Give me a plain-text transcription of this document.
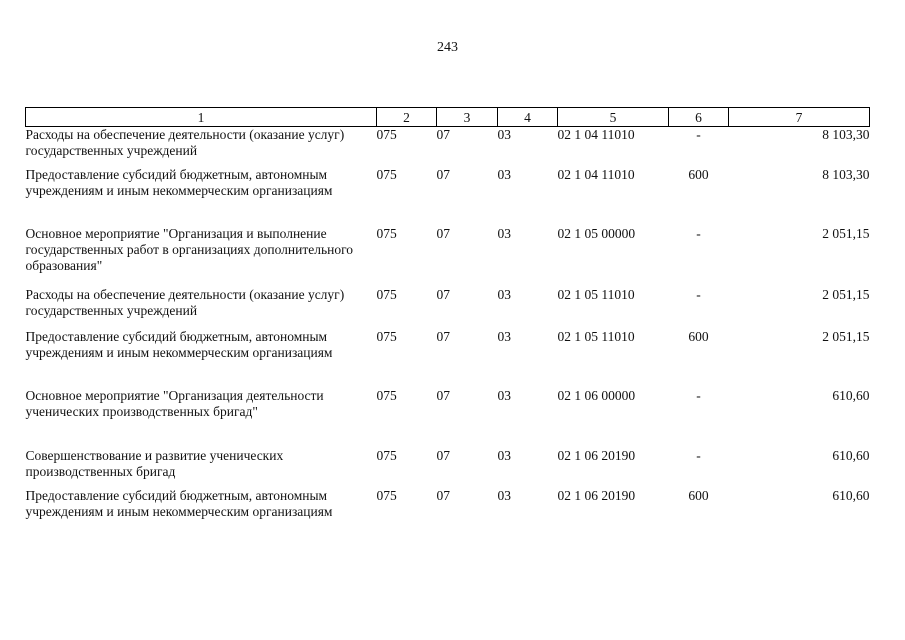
243
1	2	3	4	5	6	7
Расходы на обеспечение деятельности (оказание услуг) государственных учреждений	075	07	03	02 1 04 11010	-	8 103,30
Предоставление субсидий бюджетным, автономным учреждениям и иным некоммерческим организациям	075	07	03	02 1 04 11010	600	8 103,30
Основное мероприятие "Организация и выполнение государственных работ в организациях дополнительного образования"	075	07	03	02 1 05 00000	-	2 051,15
Расходы на обеспечение деятельности (оказание услуг) государственных учреждений	075	07	03	02 1 05 11010	-	2 051,15
Предоставление субсидий бюджетным, автономным учреждениям и иным некоммерческим организациям	075	07	03	02 1 05 11010	600	2 051,15
Основное мероприятие "Организация деятельности ученических производственных бригад"	075	07	03	02 1 06 00000	-	610,60
Совершенствование и развитие ученических производственных бригад	075	07	03	02 1 06 20190	-	610,60
Предоставление субсидий бюджетным, автономным учреждениям и иным некоммерческим организациям	075	07	03	02 1 06 20190	600	610,60
